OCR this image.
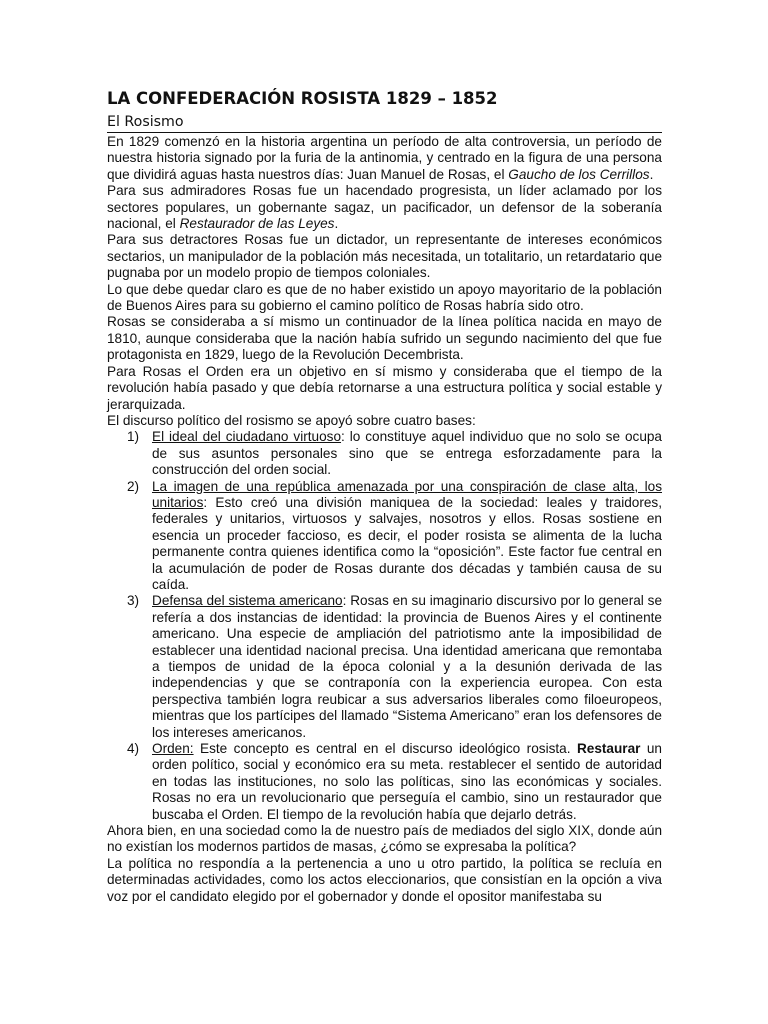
LA CONFEDERACIÓN ROSISTA 1829 – 1852
El Rosismo

En 1829 comenzó en la historia argentina un período de alta controversia, un período de nuestra historia signado por la furia de la antinomia, y centrado en la figura de una persona que dividirá aguas hasta nuestros días: Juan Manuel de Rosas, el Gaucho de los Cerrillos.

Para sus admiradores Rosas fue un hacendado progresista, un líder aclamado por los sectores populares, un gobernante sagaz, un pacificador, un defensor de la soberanía nacional, el Restaurador de las Leyes.

Para sus detractores Rosas fue un dictador, un representante de intereses económicos sectarios, un manipulador de la población más necesitada, un totalitario, un retardatario que pugnaba por un modelo propio de tiempos coloniales.

Lo que debe quedar claro es que de no haber existido un apoyo mayoritario de la población de Buenos Aires para su gobierno el camino político de Rosas habría sido otro.

Rosas se consideraba a sí mismo un continuador de la línea política nacida en mayo de 1810, aunque consideraba que la nación había sufrido un segundo nacimiento del que fue protagonista en 1829, luego de la Revolución Decembrista.

Para Rosas el Orden era un objetivo en sí mismo y consideraba que el tiempo de la revolución había pasado y que debía retornarse a una estructura política y social estable y jerarquizada.

El discurso político del rosismo se apoyó sobre cuatro bases:

1) El ideal del ciudadano virtuoso: lo constituye aquel individuo que no solo se ocupa de sus asuntos personales sino que se entrega esforzadamente para la construcción del orden social.
2) La imagen de una república amenazada por una conspiración de clase alta, los unitarios: Esto creó una división maniquea de la sociedad: leales y traidores, federales y unitarios, virtuosos y salvajes, nosotros y ellos. Rosas sostiene en esencia un proceder faccioso, es decir, el poder rosista se alimenta de la lucha permanente contra quienes identifica como la “oposición”. Este factor fue central en la acumulación de poder de Rosas durante dos décadas y también causa de su caída.
3) Defensa del sistema americano: Rosas en su imaginario discursivo por lo general se refería a dos instancias de identidad: la provincia de Buenos Aires y el continente americano. Una especie de ampliación del patriotismo ante la imposibilidad de establecer una identidad nacional precisa. Una identidad americana que remontaba a tiempos de unidad de la época colonial y a la desunión derivada de las independencias y que se contraponía con la experiencia europea. Con esta perspectiva también logra reubicar a sus adversarios liberales como filoeuropeos, mientras que los partícipes del llamado “Sistema Americano” eran los defensores de los intereses americanos.
4) Orden: Este concepto es central en el discurso ideológico rosista. Restaurar un orden político, social y económico era su meta. restablecer el sentido de autoridad en todas las instituciones, no solo las políticas, sino las económicas y sociales. Rosas no era un revolucionario que perseguía el cambio, sino un restaurador que buscaba el Orden. El tiempo de la revolución había que dejarlo detrás.

Ahora bien, en una sociedad como la de nuestro país de mediados del siglo XIX, donde aún no existían los modernos partidos de masas, ¿cómo se expresaba la política?

La política no respondía a la pertenencia a uno u otro partido, la política se recluía en determinadas actividades, como los actos eleccionarios, que consistían en la opción a viva voz por el candidato elegido por el gobernador y donde el opositor manifestaba su
